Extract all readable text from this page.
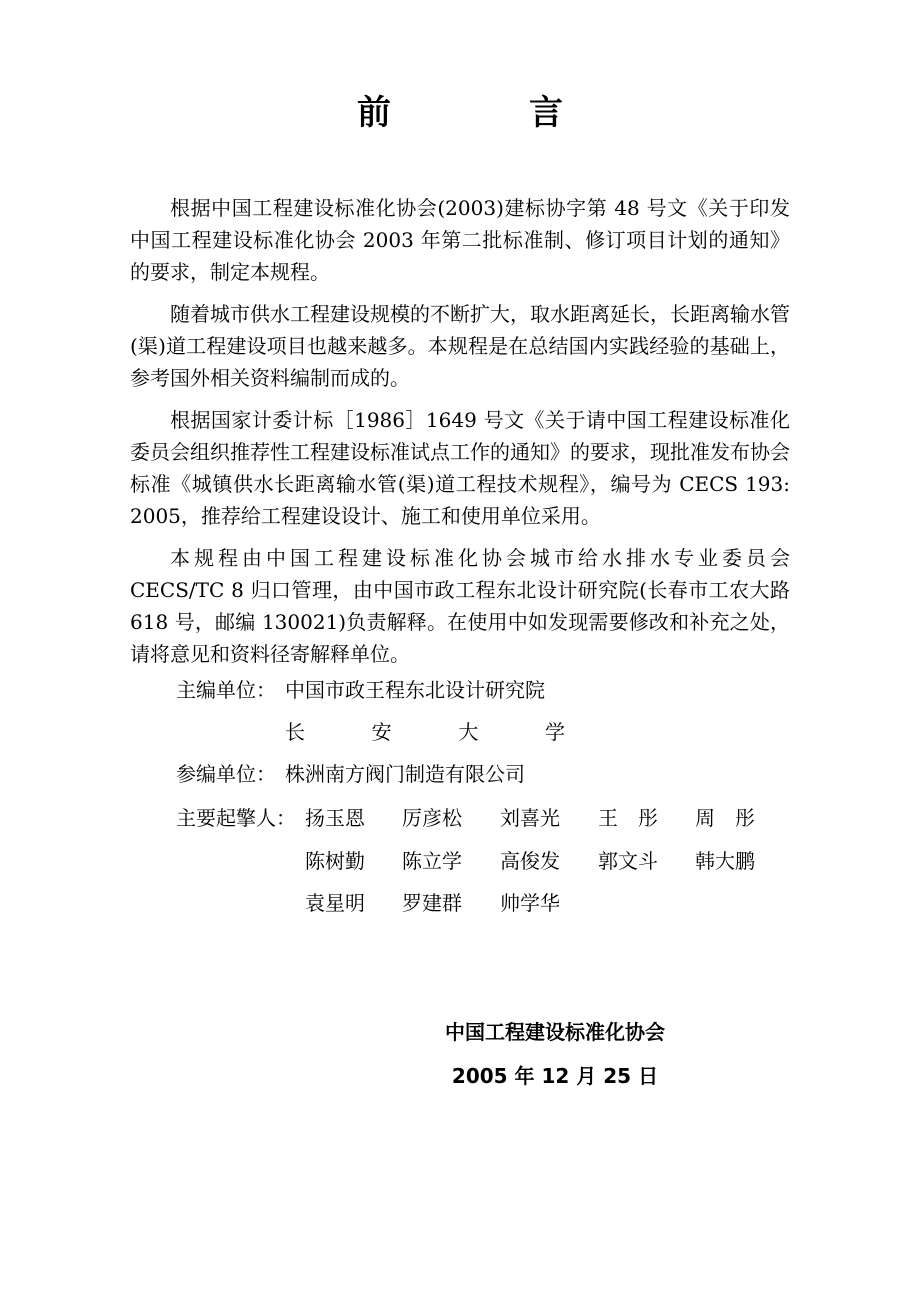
前　言

根据中国工程建设标准化协会(2003)建标协字第 48 号文《关于印发中国工程建设标准化协会 2003 年第二批标准制、修订项目计划的通知》的要求，制定本规程。

随着城市供水工程建设规模的不断扩大，取水距离延长，长距离输水管(渠)道工程建设项目也越来越多。本规程是在总结国内实践经验的基础上，参考国外相关资料编制而成的。

根据国家计委计标［1986］1649 号文《关于请中国工程建设标准化委员会组织推荐性工程建设标准试点工作的通知》的要求，现批准发布协会标准《城镇供水长距离输水管(渠)道工程技术规程》，编号为 CECS 193: 2005，推荐给工程建设设计、施工和使用单位采用。

本规程由中国工程建设标准化协会城市给水排水专业委员会 CECS/TC 8 归口管理，由中国市政工程东北设计研究院(长春市工农大路 618 号，邮编 130021)负责解释。在使用中如发现需要修改和补充之处，请将意见和资料径寄解释单位。

主编单位： 中国市政王程东北设计研究院
长	安	大	学
参编单位： 株洲南方阀门制造有限公司
主要起擎人： 扬玉恩 厉彦松 刘喜光 王　彤 周　彤
陈树勤 陈立学 高俊发 郭文斗 韩大鹏
袁星明 罗建群 帅学华
中国工程建设标准化协会
2005 年 12 月 25 日
